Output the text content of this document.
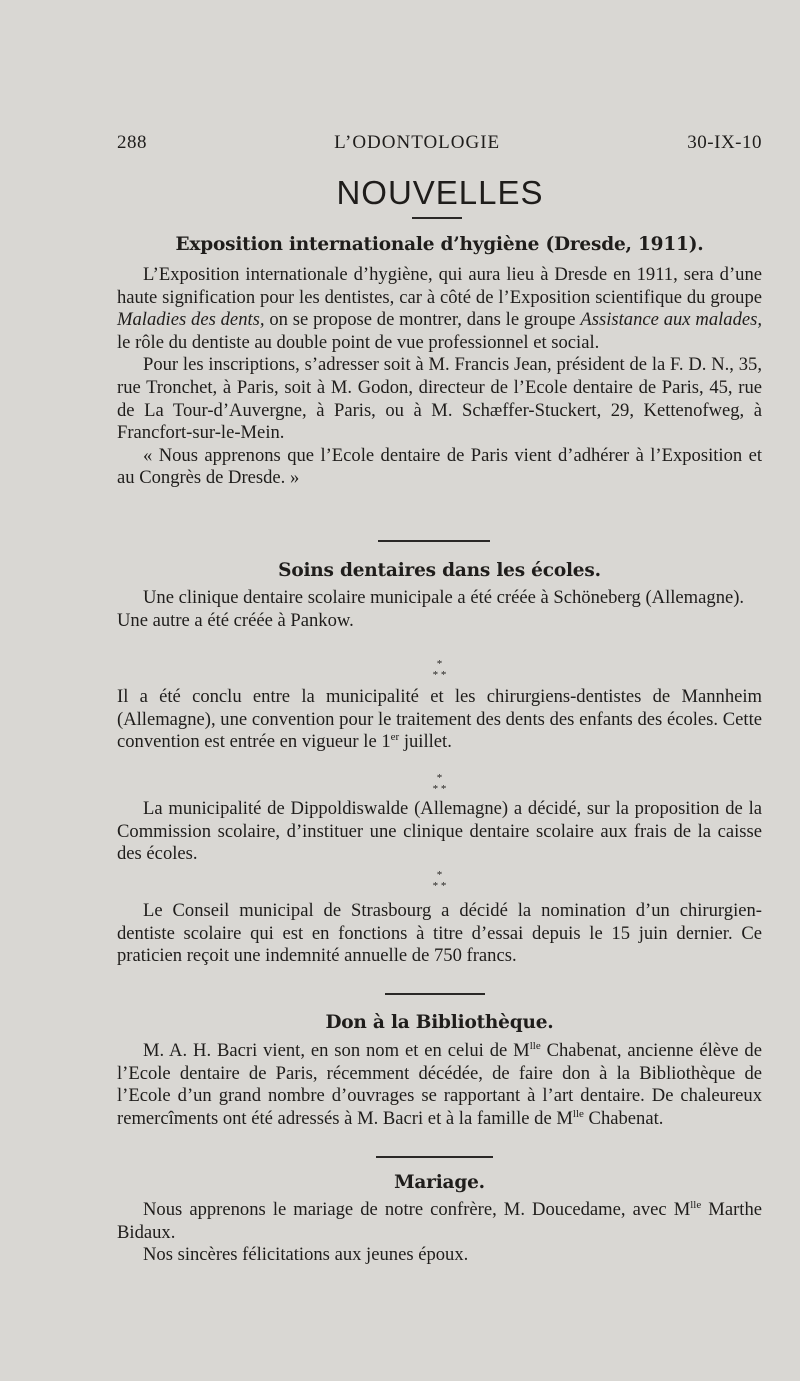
288	L’ODONTOLOGIE	30-IX-10
NOUVELLES
Exposition internationale d’hygiène (Dresde, 1911).

L’Exposition internationale d’hygiène, qui aura lieu à Dresde en 1911, sera d’une haute signification pour les dentistes, car à côté de l’Exposition scientifique du groupe Maladies des dents, on se propose de montrer, dans le groupe Assistance aux malades, le rôle du dentiste au double point de vue professionnel et social.

Pour les inscriptions, s’adresser soit à M. Francis Jean, président de la F. D. N., 35, rue Tronchet, à Paris, soit à M. Godon, directeur de l’Ecole dentaire de Paris, 45, rue de La Tour-d’Auvergne, à Paris, ou à M. Schæffer-Stuckert, 29, Kettenofweg, à Francfort-sur-le-Mein.

« Nous apprenons que l’Ecole dentaire de Paris vient d’adhérer à l’Exposition et au Congrès de Dresde. »

Soins dentaires dans les écoles.

Une clinique dentaire scolaire municipale a été créée à Schöneberg (Allemagne).

Une autre a été créée à Pankow.

*
* *

Il a été conclu entre la municipalité et les chirurgiens-dentistes de Mannheim (Allemagne), une convention pour le traitement des dents des enfants des écoles. Cette convention est entrée en vigueur le 1er juillet.

*
* *

La municipalité de Dippoldiswalde (Allemagne) a décidé, sur la proposition de la Commission scolaire, d’instituer une clinique dentaire scolaire aux frais de la caisse des écoles.

*
* *

Le Conseil municipal de Strasbourg a décidé la nomination d’un chirurgien-dentiste scolaire qui est en fonctions à titre d’essai depuis le 15 juin dernier. Ce praticien reçoit une indemnité annuelle de 750 francs.

Don à la Bibliothèque.

M. A. H. Bacri vient, en son nom et en celui de $M^{lle}$ Chabenat, ancienne élève de l’Ecole dentaire de Paris, récemment décédée, de faire don à la Bibliothèque de l’Ecole d’un grand nombre d’ouvrages se rapportant à l’art dentaire. De chaleureux remercîments ont été adressés à M. Bacri et à la famille de $M^{lle}$ Chabenat.

Mariage.

Nous apprenons le mariage de notre confrère, M. Doucedame, avec $M^{lle}$ Marthe Bidaux.

Nos sincères félicitations aux jeunes époux.
